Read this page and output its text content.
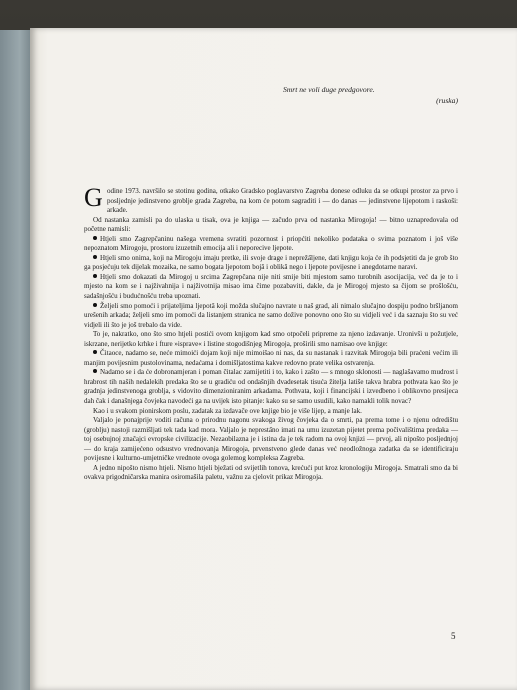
Smrt ne voli duge predgovore.
(ruska)

G odine 1973. navršilo se stotinu godina, otkako Gradsko poglavarstvo Zagreba donese odluku da se otkupi prostor za prvo i posljednje jedinstveno groblje grada Zagreba, na kom će potom sagraditi i — do danas — jedinstvene lijepotom i raskoši: arkade.

Od nastanka zamisli pa do ulaska u tisak, ova je knjiga — začudo prva od nastanka Mirogoja! — bitno uznapredovala od početne namisli:

Htjeli smo Zagrepčaninu našega vremena svratiti pozornost i priopćiti nekoliko podataka o svima poznatom i još više nepoznatom Mirogoju, prostoru izuzetnih emocija ali i neporecive ljepote.

Htjeli smo onima, koji na Mirogoju imaju pretke, ili svoje drage i nepreža̋ljene, dati knjigu koja će ih podsjetiti da je grob što ga posjećuju tek dijelak mozaika, ne samo bogata ljepotom bojâ i oblikâ nego i ljepote povijesne i anegdotarne naravi.

Htjeli smo dokazati da Mirogoj u srcima Zagrepčana nije niti smije biti mjestom samo turobnih asocijacija, već da je to i mjesto na kom se i najživahnija i najživotnija misao ima čime pozabaviti, dakle, da je Mirogoj mjesto sa čijom se prošlošću, sadašnjošću i budućnošću treba upoznati.

Željeli smo pomoći i prijateljima ljepotâ koji možda slučajno navrate u naš grad, ali nimalo slučajno dospiju podno bršljanom urešenih arkada; željeli smo im pomoći da listanjem stranica ne samo dožive ponovno ono što su vidjeli već i da saznaju što su već vidjeli ili što je još trebalo da vide.

To je, nakratko, ono što smo htjeli postići ovom knjigom kad smo otpočeli pripreme za njeno izdavanje. Uronivši u požutjele, iskrzane, nerijetko krhke i fture »isprave« i listine stogodišnjeg Mirogoja, proširili smo namisao ove knjige:

Čitaoce, nadamo se, neće mimoići dojam koji nije mimoišao ni nas, da su nastanak i razvitak Mirogoja bili praćeni većim ili manjim povijesnim pustolovinama, nedaćama i domišljatostima kakve redovno prate velika ostvarenja.

Nadamo se i da će dobronamjeran i poman čitalac zamijetiti i to, kako i zašto — s mnogo sklonosti — naglašavamo mudrost i hrabrost tih naših nedalekih predaka što se u gradiću od ondašnjih dvadesetak tisuća žitelja latiše takva hrabra pothvata kao što je gradnja jedinstvenoga groblja, s vidovito dimenzioniranim arkadama. Pothvata, koji i financijski i izvedbeno i oblikovno presijeca dah čak i današnjega čovjeka navodeći ga na uvijek isto pitanje: kako su se samo usudili, kako namakli tolik novac?

Kao i u svakom pionirskom poslu, zadatak za izdavače ove knjige bio je više lijep, a manje lak.

Valjalo je ponajprije voditi računa o prirodnu nagonu svakoga živog čovjeka da o smrti, pa prema tome i o njenu odredištu (groblju) nastoji razmišljati tek tada kad mora. Valjalo je nepresta̋no imati na umu izuzetan pijetet prema počivalištima predaka — toj osebujnoj značajci evropske civilizacije. Nezaobilazna je i istina da je tek radom na ovoj knjizi — prvoj, ali nipošto posljednjoj — do kraja zamijećeno odsustvo vrednovanja Mirogoja, prvenstveno glede danas već neodložnoga zadatka da se identificiraju povijesne i kulturno-umjetničke vrednote ovoga golemog kompleksa Zagreba.

A jedno nipošto nismo htjeli. Nismo htjeli bježati od svijetlih tonova, krećući put kroz kronologiju Mirogoja. Smatrali smo da bi ovakva prigodničarska manira osiromašila paletu, važnu za cjelovit prikaz Mirogoja.

5
